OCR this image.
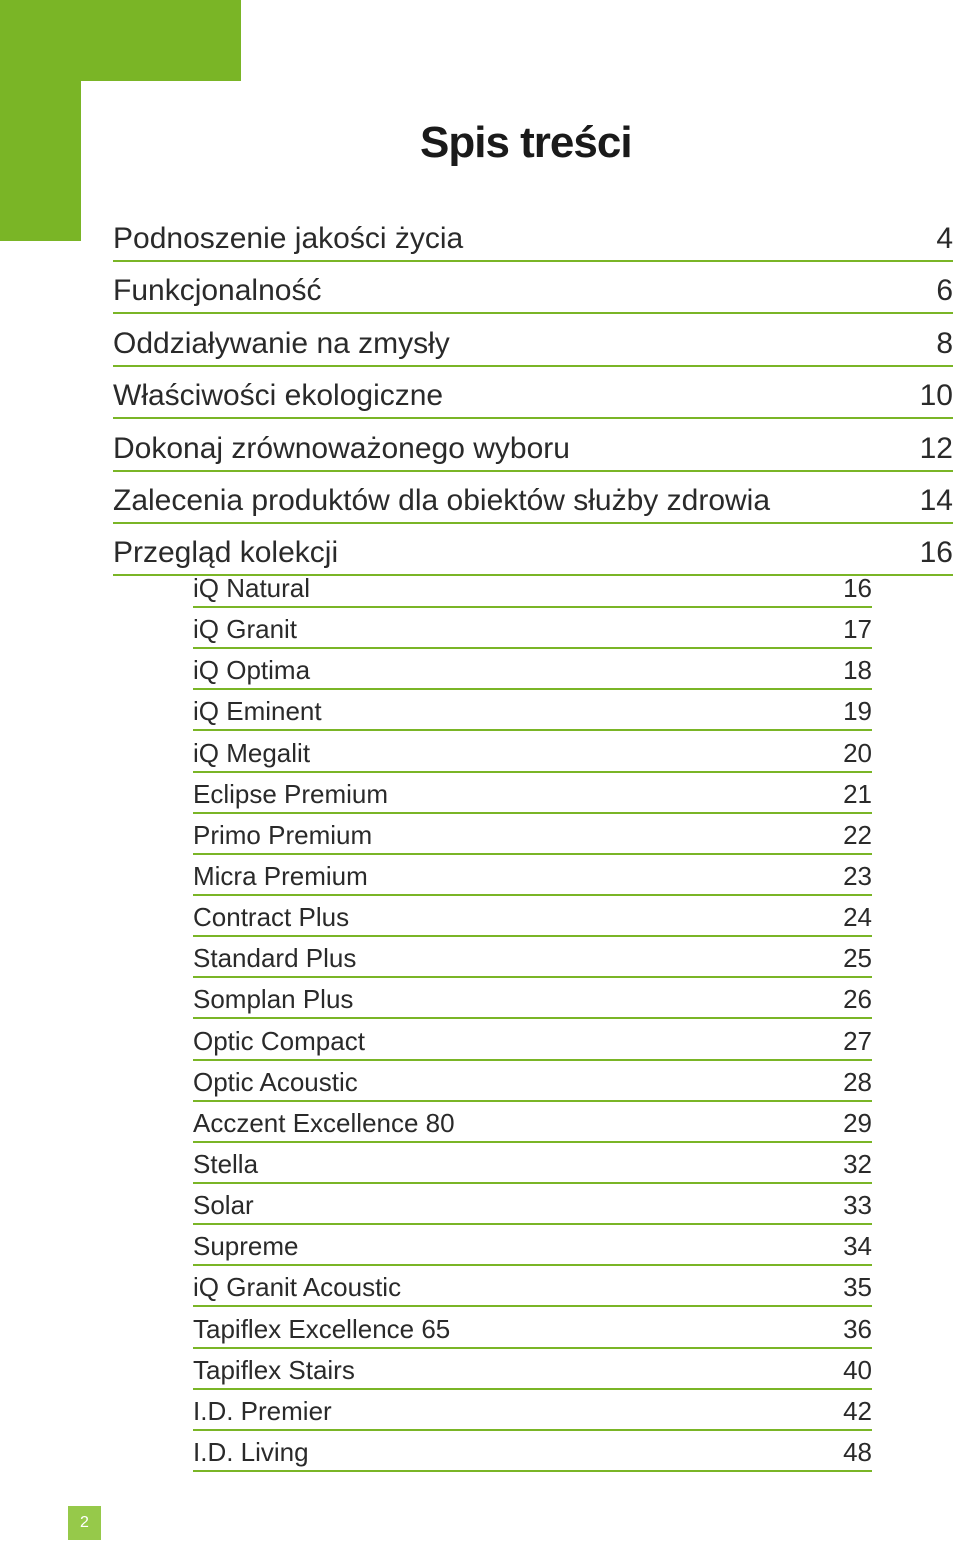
Spis treści
Podnoszenie jakości życia	4
Funkcjonalność	6
Oddziaływanie na zmysły	8
Właściwości ekologiczne	10
Dokonaj zrównoważonego wyboru	12
Zalecenia produktów dla obiektów służby zdrowia	14
Przegląd kolekcji	16
iQ Natural	16
iQ Granit	17
iQ Optima	18
iQ Eminent	19
iQ Megalit	20
Eclipse Premium	21
Primo Premium	22
Micra Premium	23
Contract Plus	24
Standard Plus	25
Somplan Plus	26
Optic Compact	27
Optic Acoustic	28
Acczent Excellence 80	29
Stella	32
Solar	33
Supreme	34
iQ Granit Acoustic	35
Tapiflex Excellence 65	36
Tapiflex Stairs	40
I.D. Premier	42
I.D. Living	48
2
